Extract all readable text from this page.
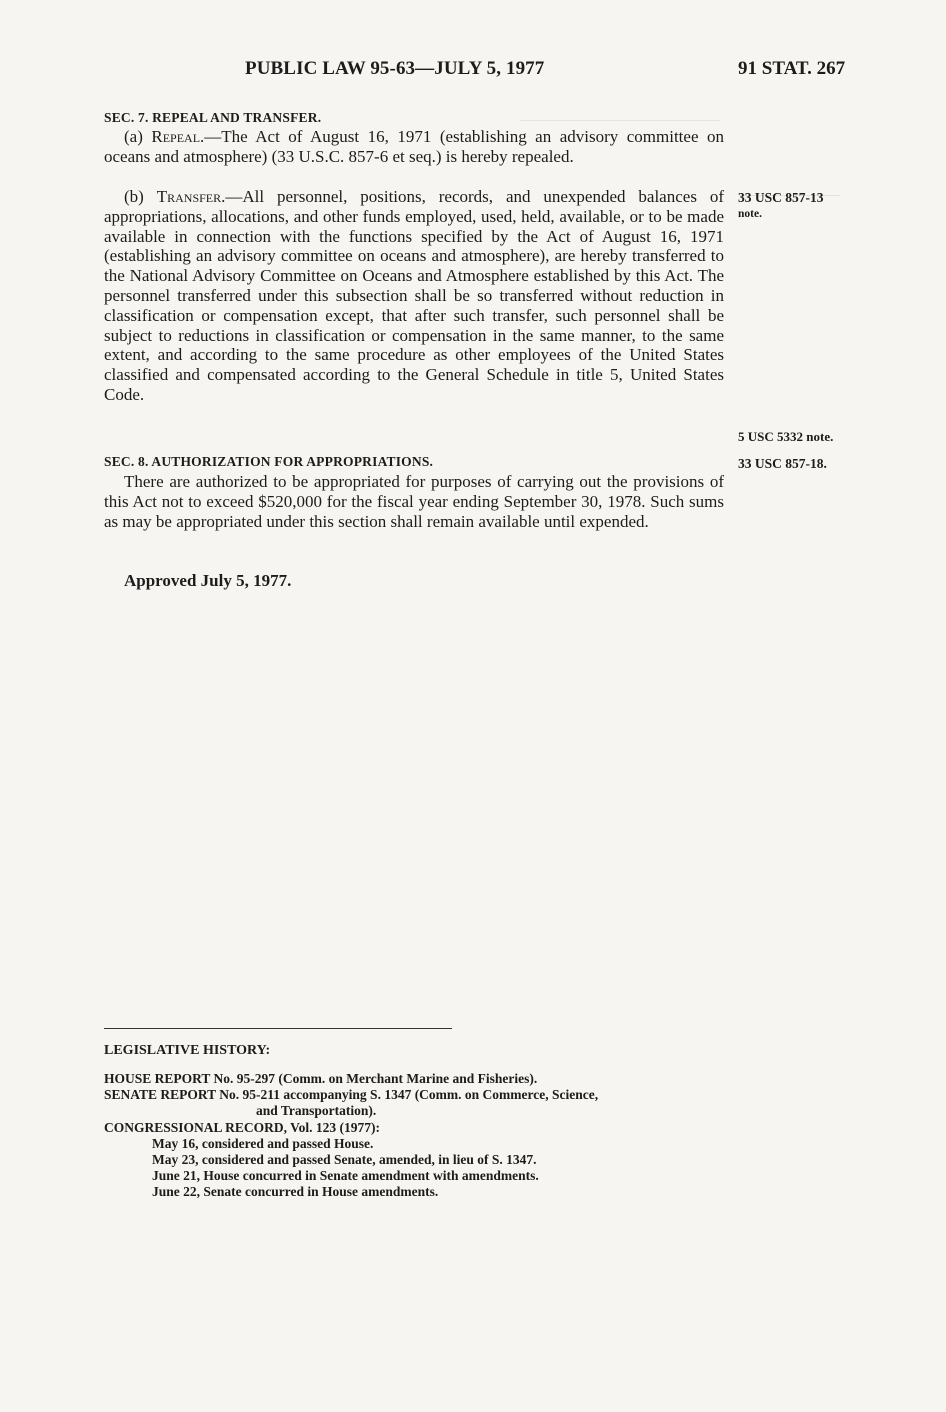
PUBLIC LAW 95-63—JULY 5, 1977	91 STAT. 267
SEC. 7. REPEAL AND TRANSFER.
(a) Repeal.—The Act of August 16, 1971 (establishing an advisory committee on oceans and atmosphere) (33 U.S.C. 857-6 et seq.) is hereby repealed.
(b) Transfer.—All personnel, positions, records, and unexpended balances of appropriations, allocations, and other funds employed, used, held, available, or to be made available in connection with the functions specified by the Act of August 16, 1971 (establishing an advisory committee on oceans and atmosphere), are hereby transferred to the National Advisory Committee on Oceans and Atmosphere established by this Act. The personnel transferred under this subsection shall be so transferred without reduction in classification or compensation except, that after such transfer, such personnel shall be subject to reductions in classification or compensation in the same manner, to the same extent, and according to the same procedure as other employees of the United States classified and compensated according to the General Schedule in title 5, United States Code.
SEC. 8. AUTHORIZATION FOR APPROPRIATIONS.
There are authorized to be appropriated for purposes of carrying out the provisions of this Act not to exceed $520,000 for the fiscal year ending September 30, 1978. Such sums as may be appropriated under this section shall remain available until expended.
33 USC 857-13
note.
5 USC 5332 note.
33 USC 857-18.
Approved July 5, 1977.
LEGISLATIVE HISTORY:
HOUSE REPORT No. 95-297 (Comm. on Merchant Marine and Fisheries).
SENATE REPORT No. 95-211 accompanying S. 1347 (Comm. on Commerce, Science,
and Transportation).
CONGRESSIONAL RECORD, Vol. 123 (1977):
May 16, considered and passed House.
May 23, considered and passed Senate, amended, in lieu of S. 1347.
June 21, House concurred in Senate amendment with amendments.
June 22, Senate concurred in House amendments.
